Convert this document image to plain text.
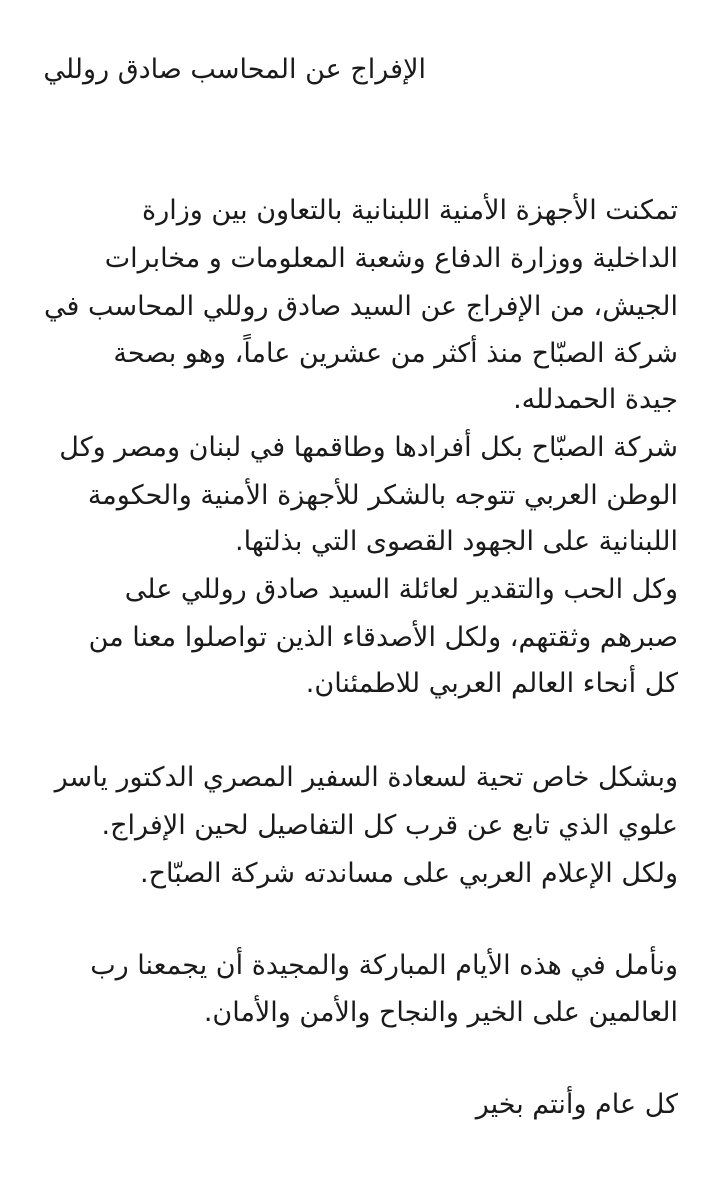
الإفراج عن المحاسب صادق روللي
تمكنت الأجهزة الأمنية اللبنانية بالتعاون بين وزارة
الداخلية ووزارة الدفاع وشعبة المعلومات و مخابرات
الجيش، من الإفراج عن السيد صادق روللي المحاسب في
شركة الصبّاح منذ أكثر من عشرين عاماً، وهو بصحة
جيدة الحمدلله.
شركة الصبّاح بكل أفرادها وطاقمها في لبنان ومصر وكل
الوطن العربي تتوجه بالشكر للأجهزة الأمنية والحكومة
اللبنانية على الجهود القصوى التي بذلتها.
وكل الحب والتقدير لعائلة السيد صادق روللي على
صبرهم وثقتهم، ولكل الأصدقاء الذين تواصلوا معنا من
كل أنحاء العالم العربي للاطمئنان.
وبشكل خاص تحية لسعادة السفير المصري الدكتور ياسر
علوي الذي تابع عن قرب كل التفاصيل لحين الإفراج.
ولكل الإعلام العربي على مساندته شركة الصبّاح.
ونأمل في هذه الأيام المباركة والمجيدة أن يجمعنا رب
العالمين على الخير والنجاح والأمن والأمان.
كل عام وأنتم بخير
